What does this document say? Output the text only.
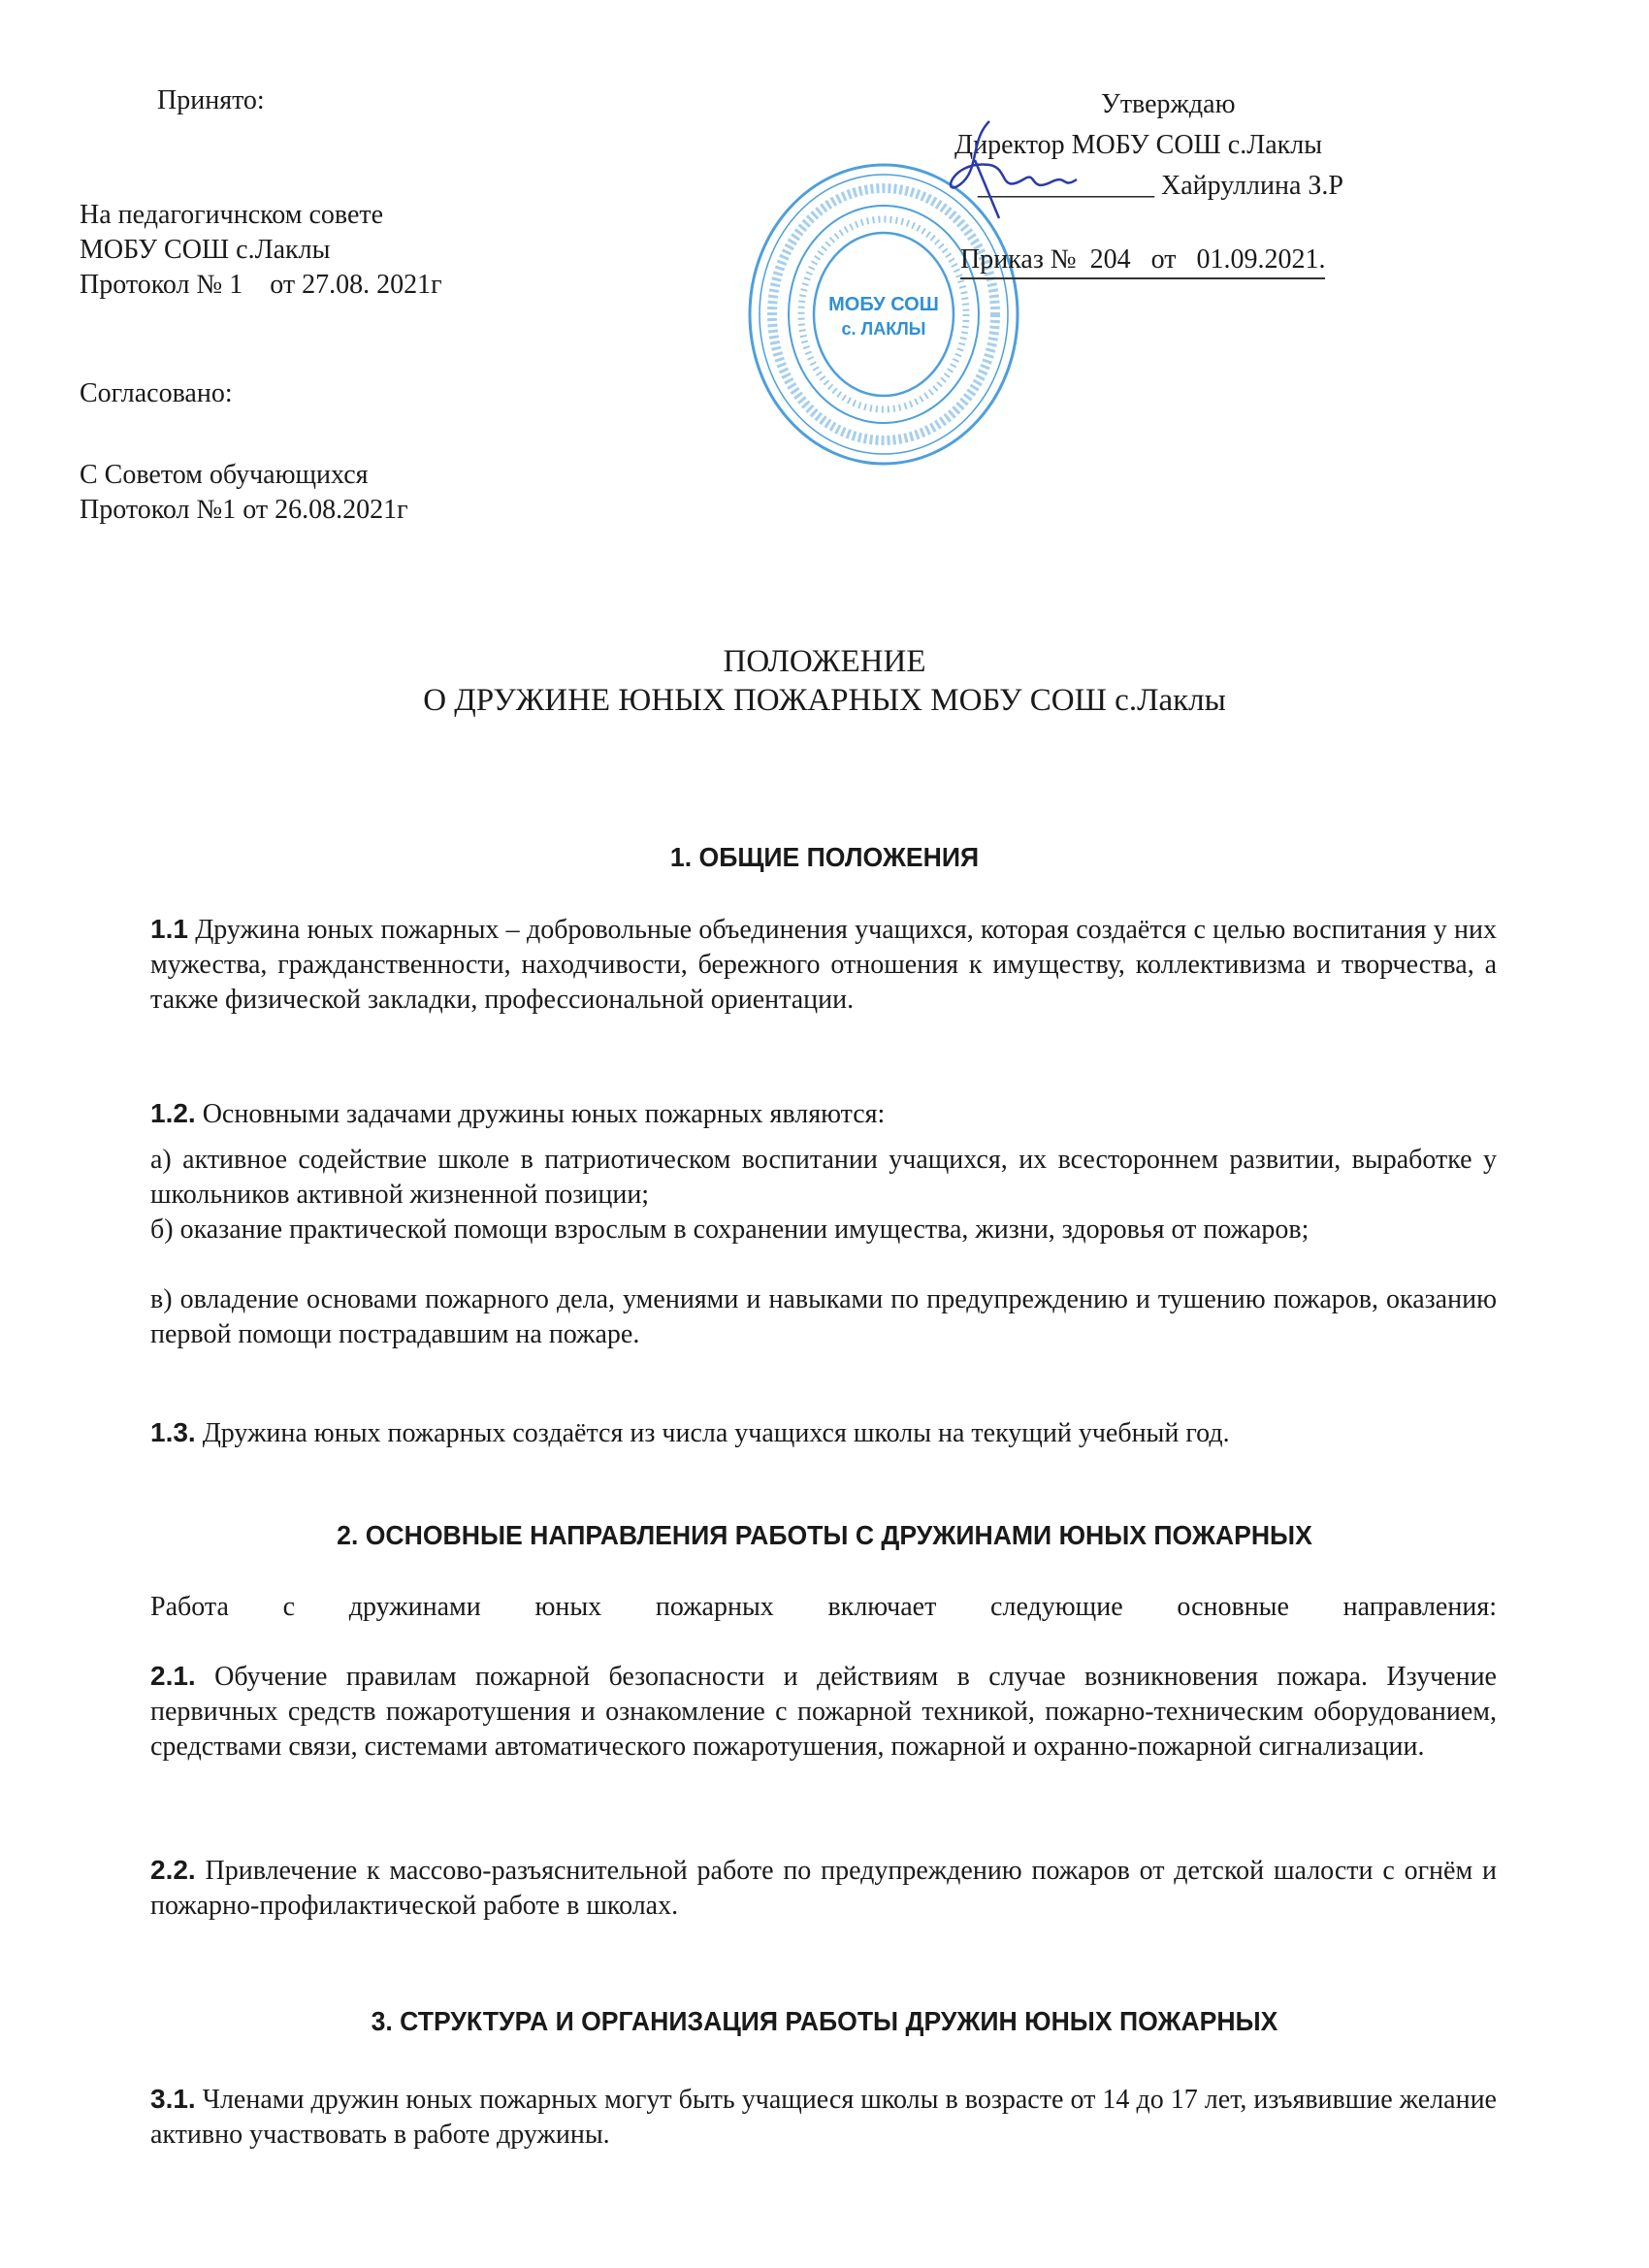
Принято:
На педагогичнском совете
МОБУ СОШ с.Лаклы
Протокол № 1    от 27.08. 2021г
Согласовано:
С Советом обучающихся
Протокол №1 от 26.08.2021г
МОБУ СОШ
с. ЛАКЛЫ
Утверждаю
Директор МОБУ СОШ с.Лаклы
_____________ Хайруллина З.Р
Приказ №  204   от   01.09.2021.
ПОЛОЖЕНИЕ
О ДРУЖИНЕ ЮНЫХ ПОЖАРНЫХ МОБУ СОШ с.Лаклы
1. ОБЩИЕ ПОЛОЖЕНИЯ
1.1 Дружина юных пожарных – добровольные объединения учащихся, которая создаётся с целью воспитания у них мужества, гражданственности, находчивости, бережного отношения к имуществу, коллективизма и творчества, а также физической закладки, профессиональной ориентации.
1.2. Основными задачами дружины юных пожарных являются:
а) активное содействие школе в патриотическом воспитании учащихся, их всестороннем развитии, выработке у школьников активной жизненной позиции;
б) оказание практической помощи взрослым в сохранении имущества, жизни, здоровья от пожаров;
в) овладение основами пожарного дела, умениями и навыками по предупреждению и тушению пожаров, оказанию первой помощи пострадавшим на пожаре.
1.3. Дружина юных пожарных создаётся из числа учащихся школы на текущий учебный год.
2. ОСНОВНЫЕ НАПРАВЛЕНИЯ РАБОТЫ С ДРУЖИНАМИ ЮНЫХ ПОЖАРНЫХ
Работа с дружинами юных пожарных включает следующие основные направления:
2.1. Обучение правилам пожарной безопасности и действиям в случае возникновения пожара. Изучение первичных средств пожаротушения и ознакомление с пожарной техникой, пожарно-техническим оборудованием, средствами связи, системами автоматического пожаротушения, пожарной и охранно-пожарной сигнализации.
2.2. Привлечение к массово-разъяснительной работе по предупреждению пожаров от детской шалости с огнём и пожарно-профилактической работе в школах.
3. СТРУКТУРА И ОРГАНИЗАЦИЯ РАБОТЫ ДРУЖИН ЮНЫХ ПОЖАРНЫХ
3.1. Членами дружин юных пожарных могут быть учащиеся школы в возрасте от 14 до 17 лет, изъявившие желание активно участвовать в работе дружины.
